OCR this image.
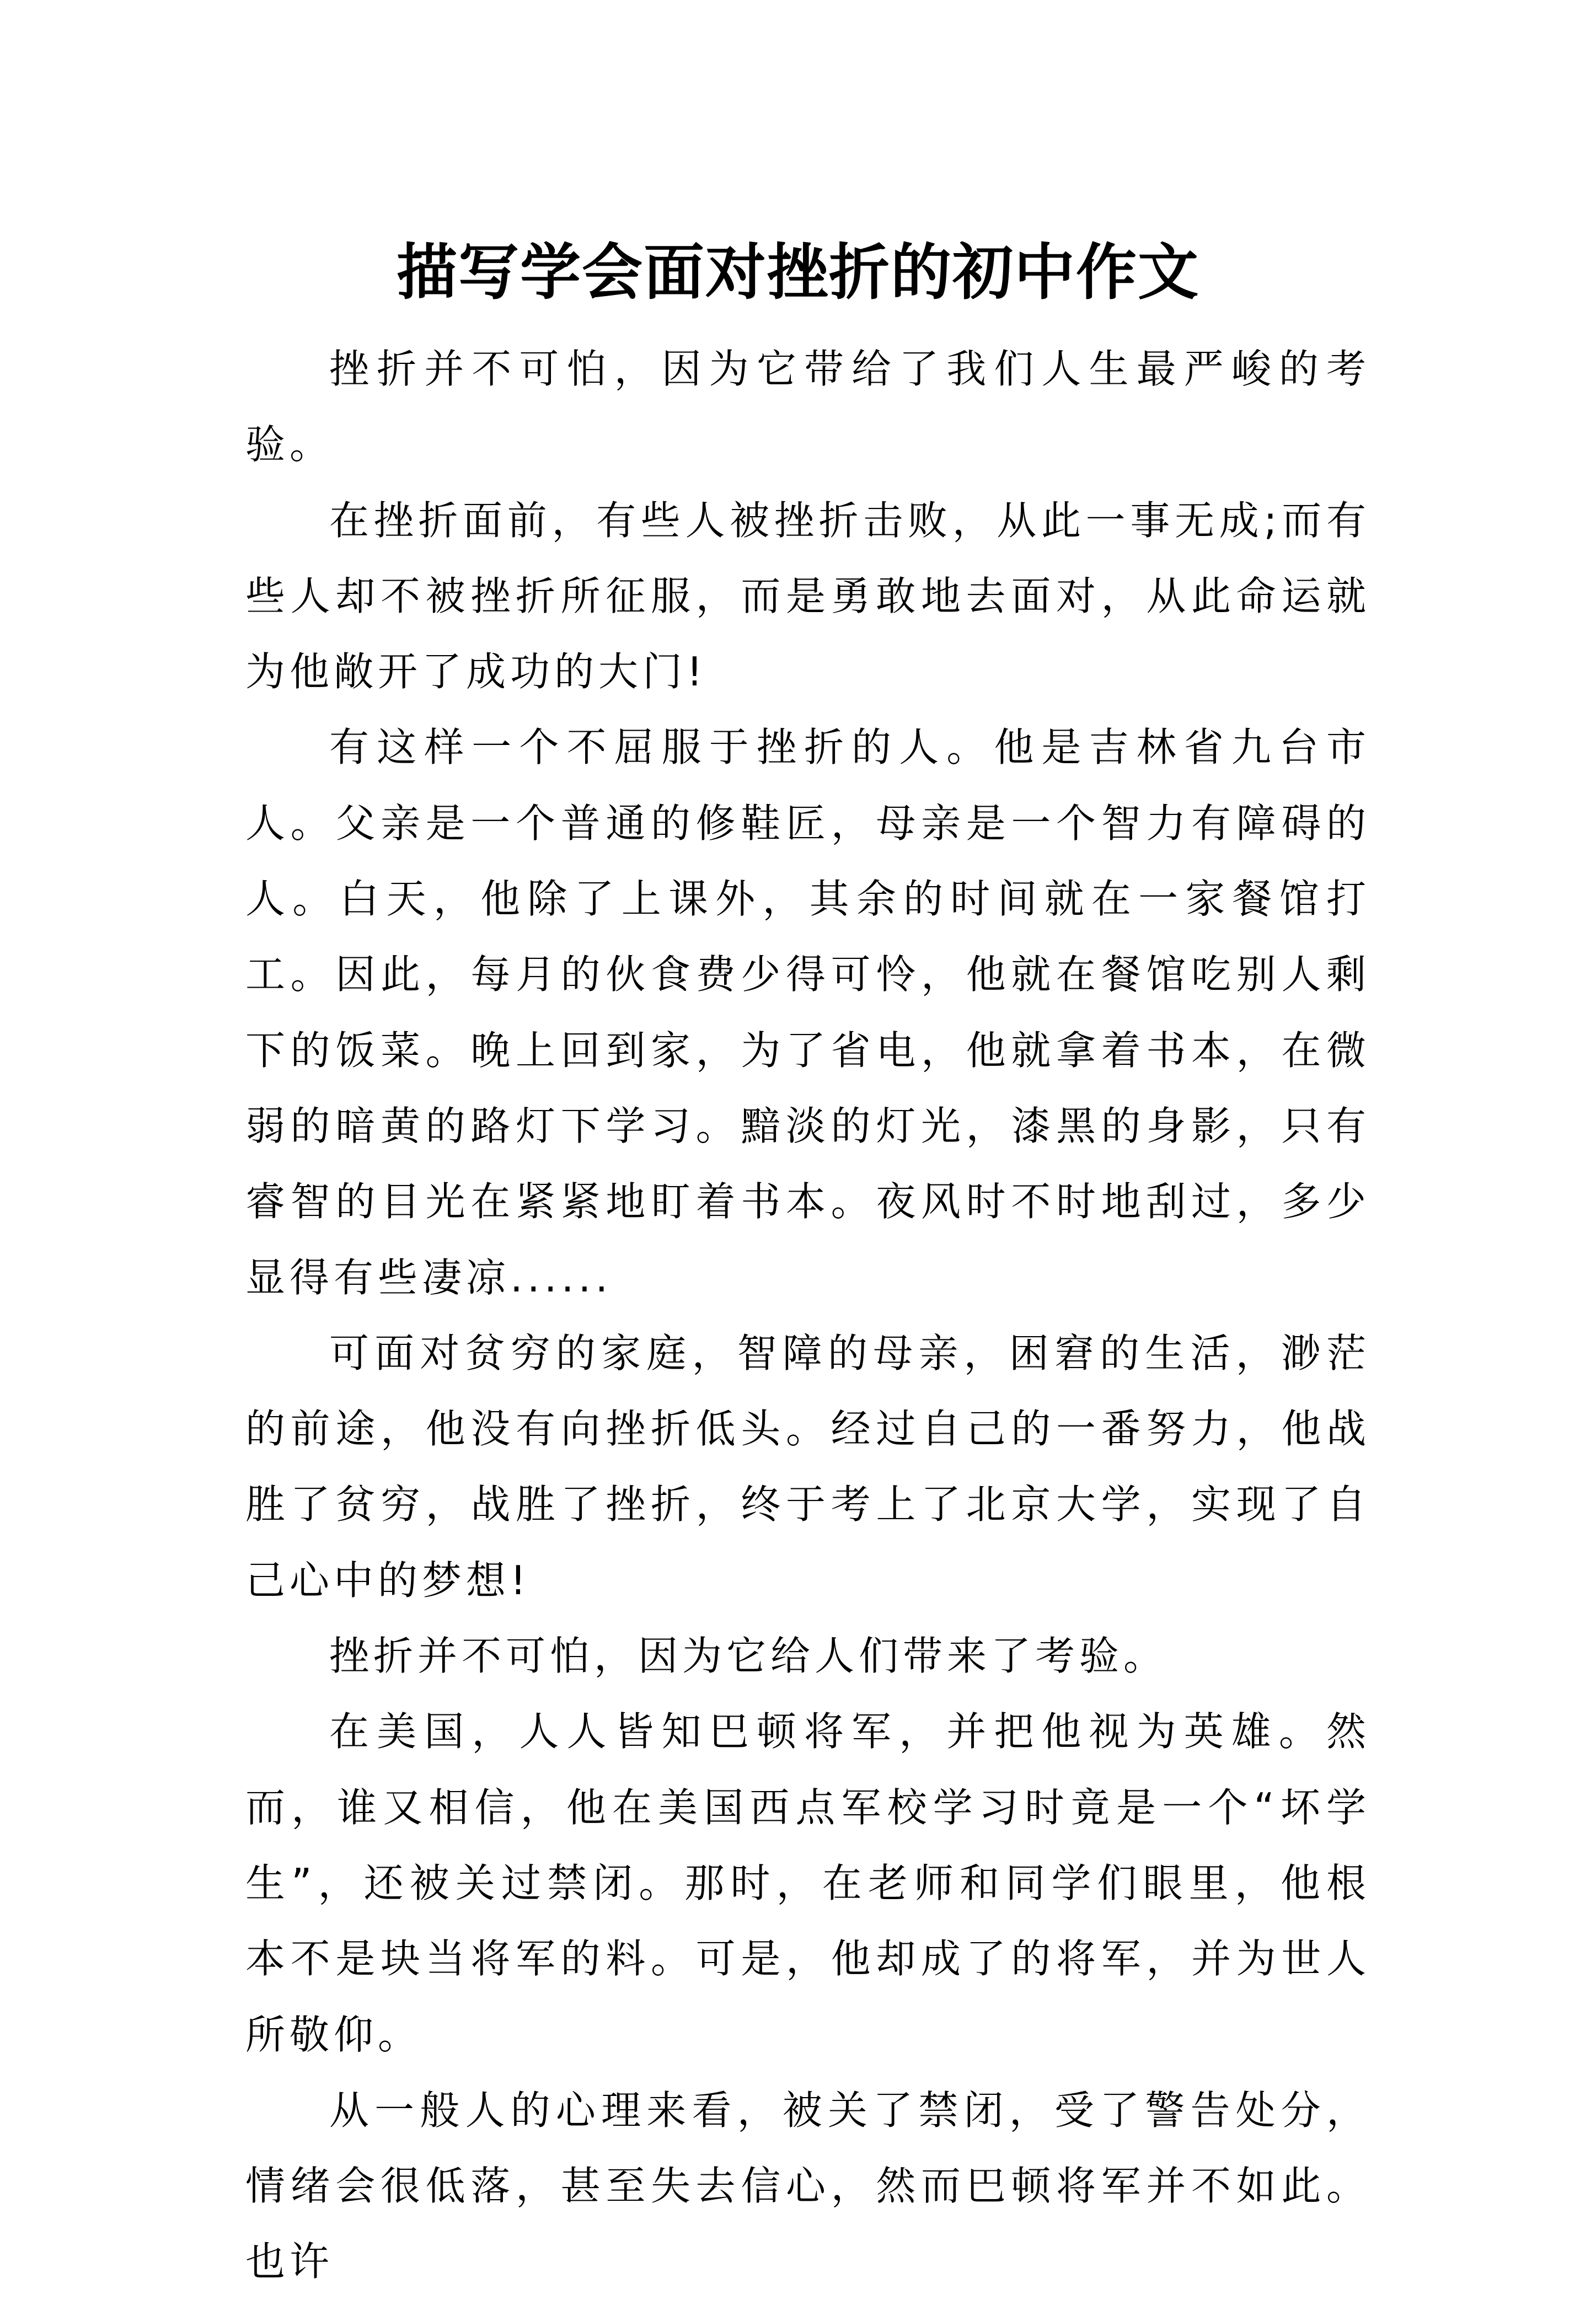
描写学会面对挫折的初中作文

挫折并不可怕，因为它带给了我们人生最严峻的考验。

在挫折面前，有些人被挫折击败，从此一事无成;而有些人却不被挫折所征服，而是勇敢地去面对，从此命运就为他敞开了成功的大门!

有这样一个不屈服于挫折的人。他是吉林省九台市人。父亲是一个普通的修鞋匠，母亲是一个智力有障碍的人。白天，他除了上课外，其余的时间就在一家餐馆打工。因此，每月的伙食费少得可怜，他就在餐馆吃别人剩下的饭菜。晚上回到家，为了省电，他就拿着书本，在微弱的暗黄的路灯下学习。黯淡的灯光，漆黑的身影，只有睿智的目光在紧紧地盯着书本。夜风时不时地刮过，多少显得有些凄凉......

可面对贫穷的家庭，智障的母亲，困窘的生活，渺茫的前途，他没有向挫折低头。经过自己的一番努力，他战胜了贫穷，战胜了挫折，终于考上了北京大学，实现了自己心中的梦想!

挫折并不可怕，因为它给人们带来了考验。

在美国，人人皆知巴顿将军，并把他视为英雄。然而，谁又相信，他在美国西点军校学习时竟是一个“坏学生”，还被关过禁闭。那时，在老师和同学们眼里，他根本不是块当将军的料。可是，他却成了的将军，并为世人所敬仰。

从一般人的心理来看，被关了禁闭，受了警告处分，情绪会很低落，甚至失去信心，然而巴顿将军并不如此。也许
